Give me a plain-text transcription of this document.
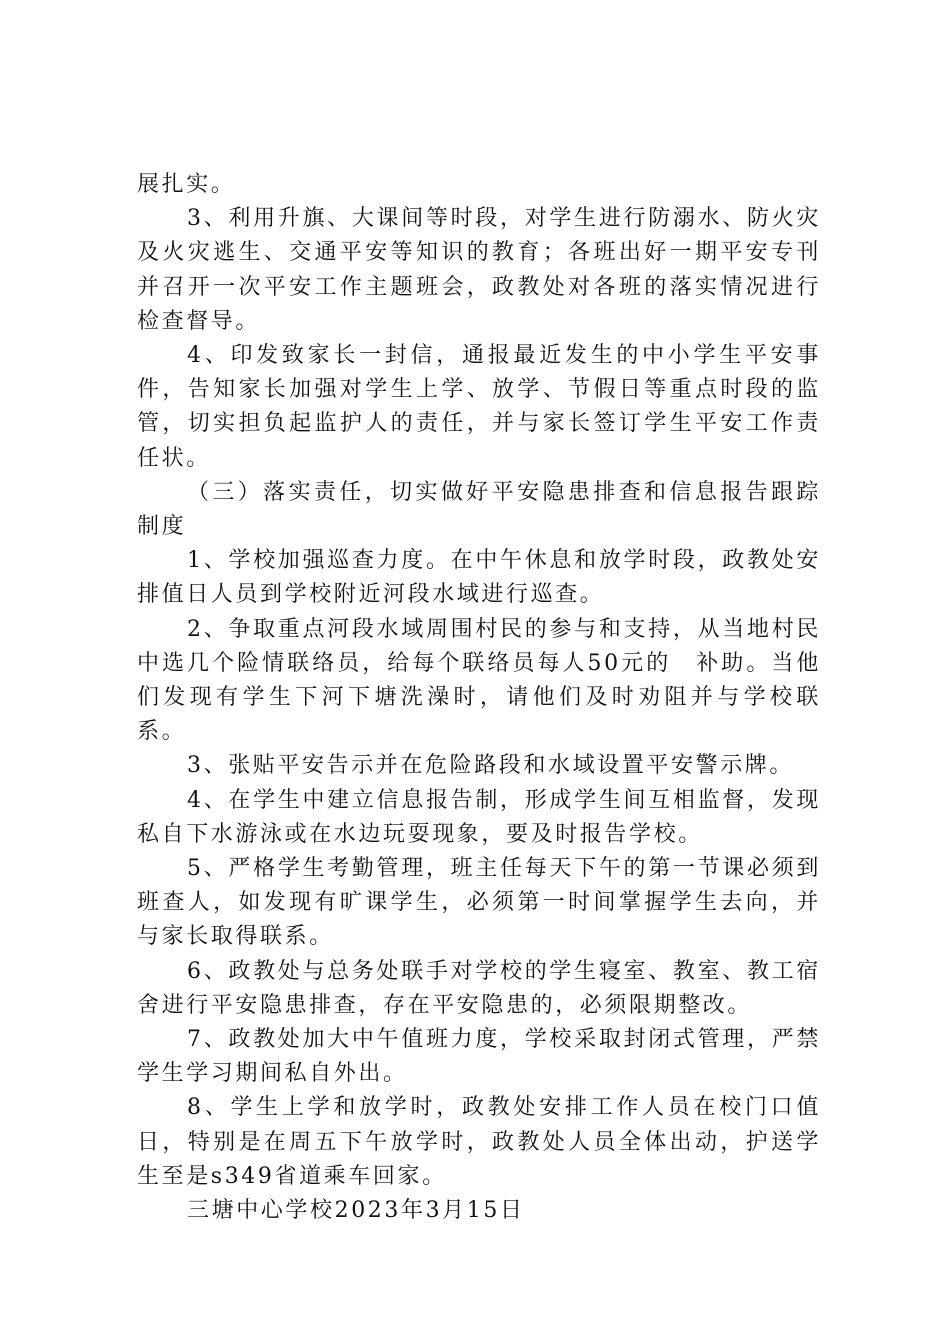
展扎实。

3、利用升旗、大课间等时段，对学生进行防溺水、防火灾及火灾逃生、交通平安等知识的教育；各班出好一期平安专刊并召开一次平安工作主题班会，政教处对各班的落实情况进行检查督导。

4、印发致家长一封信，通报最近发生的中小学生平安事件，告知家长加强对学生上学、放学、节假日等重点时段的监管，切实担负起监护人的责任，并与家长签订学生平安工作责任状。

（三）落实责任，切实做好平安隐患排查和信息报告跟踪制度

1、学校加强巡查力度。在中午休息和放学时段，政教处安排值日人员到学校附近河段水域进行巡查。

2、争取重点河段水域周围村民的参与和支持，从当地村民中选几个险情联络员，给每个联络员每人50元的　补助。当他们发现有学生下河下塘洗澡时，请他们及时劝阻并与学校联系。

3、张贴平安告示并在危险路段和水域设置平安警示牌。

4、在学生中建立信息报告制，形成学生间互相监督，发现私自下水游泳或在水边玩耍现象，要及时报告学校。

5、严格学生考勤管理，班主任每天下午的第一节课必须到班查人，如发现有旷课学生，必须第一时间掌握学生去向，并与家长取得联系。

6、政教处与总务处联手对学校的学生寝室、教室、教工宿舍进行平安隐患排查，存在平安隐患的，必须限期整改。

7、政教处加大中午值班力度，学校采取封闭式管理，严禁学生学习期间私自外出。

8、学生上学和放学时，政教处安排工作人员在校门口值日，特别是在周五下午放学时，政教处人员全体出动，护送学生至是s349省道乘车回家。

三塘中心学校2023年3月15日
